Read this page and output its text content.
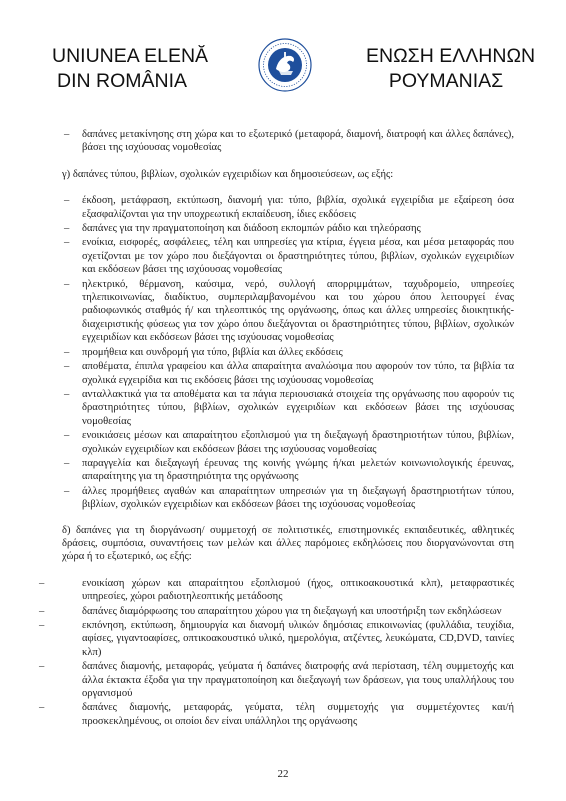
UNIUNEA ELENĂ
DIN ROMÂNIA
ΕΝΩΣΗ ΕΛΛΗΝΩΝ
ΡΟΥΜΑΝΙΑΣ
– δαπάνες μετακίνησης στη χώρα και το εξωτερικό (μεταφορά, διαμονή, διατροφή και άλλες δαπάνες), βάσει της ισχύουσας νομοθεσίας

γ) δαπάνες τύπου, βιβλίων, σχολικών εγχειριδίων και δημοσιεύσεων, ως εξής:

– έκδοση, μετάφραση, εκτύπωση, διανομή για: τύπο, βιβλία, σχολικά εγχειρίδια με εξαίρεση όσα εξασφαλίζονται για την υποχρεωτική εκπαίδευση, ίδιες εκδόσεις
– δαπάνες για την πραγματοποίηση και διάδοση εκπομπών ράδιο και τηλεόρασης
– ενοίκια, εισφορές, ασφάλειες, τέλη και υπηρεσίες για κτίρια, έγγεια μέσα, και μέσα μεταφοράς που σχετίζονται με τον χώρο που διεξάγονται οι δραστηριότητες τύπου, βιβλίων, σχολικών εγχειριδίων και εκδόσεων βάσει της ισχύουσας νομοθεσίας
– ηλεκτρικό, θέρμανση, καύσιμα, νερό, συλλογή απορριμμάτων, ταχυδρομείο, υπηρεσίες τηλεπικοινωνίας, διαδίκτυο, συμπεριλαμβανομένου και του χώρου όπου λειτουργεί ένας ραδιοφωνικός σταθμός ή/ και τηλεοπτικός της οργάνωσης, όπως και άλλες υπηρεσίες διοικητικής- διαχειριστικής φύσεως για τον χώρο όπου διεξάγονται οι δραστηριότητες τύπου, βιβλίων, σχολικών εγχειριδίων και εκδόσεων βάσει της ισχύουσας νομοθεσίας
– προμήθεια και συνδρομή για τύπο, βιβλία και άλλες εκδόσεις
– αποθέματα, έπιπλα γραφείου και άλλα απαραίτητα αναλώσιμα που αφορούν τον τύπο, τα βιβλία τα σχολικά εγχειρίδια και τις εκδόσεις βάσει της ισχύουσας νομοθεσίας
– ανταλλακτικά για τα αποθέματα και τα πάγια περιουσιακά στοιχεία της οργάνωσης που αφορούν τις δραστηριότητες τύπου, βιβλίων, σχολικών εγχειριδίων και εκδόσεων βάσει της ισχύουσας νομοθεσίας
– ενοικιάσεις μέσων και απαραίτητου εξοπλισμού για τη διεξαγωγή δραστηριοτήτων τύπου, βιβλίων, σχολικών εγχειριδίων και εκδόσεων βάσει της ισχύουσας νομοθεσίας
– παραγγελία και διεξαγωγή έρευνας της κοινής γνώμης ή/και μελετών κοινωνιολογικής έρευνας, απαραίτητης για τη δραστηριότητα της οργάνωσης
– άλλες προμήθειες αγαθών και απαραίτητων υπηρεσιών για τη διεξαγωγή δραστηριοτήτων τύπου, βιβλίων, σχολικών εγχειριδίων και εκδόσεων βάσει της ισχύουσας νομοθεσίας

δ) δαπάνες για τη διοργάνωση/ συμμετοχή σε πολιτιστικές, επιστημονικές εκπαιδευτικές, αθλητικές δράσεις, συμπόσια, συναντήσεις των μελών και άλλες παρόμοιες εκδηλώσεις που διοργανώνονται στη χώρα ή το εξωτερικό, ως εξής:

–	ενοικίαση χώρων και απαραίτητου εξοπλισμού (ήχος, οπτικοακουστικά κλπ), μεταφραστικές υπηρεσίες, χώροι ραδιοτηλεοπτικής μετάδοσης
–	δαπάνες διαμόρφωσης του απαραίτητου χώρου για τη διεξαγωγή και υποστήριξη των εκδηλώσεων
–	εκπόνηση, εκτύπωση, δημιουργία και διανομή υλικών δημόσιας επικοινωνίας (φυλλάδια, τευχίδια, αφίσες, γιγαντοαφίσες, οπτικοακουστικό υλικό, ημερολόγια, ατζέντες, λευκώματα, CD,DVD, ταινίες κλπ)
–	δαπάνες διαμονής, μεταφοράς, γεύματα ή δαπάνες διατροφής ανά περίσταση, τέλη συμμετοχής και άλλα έκτακτα έξοδα για την πραγματοποίηση και διεξαγωγή των δράσεων, για τους υπαλλήλους του οργανισμού
–	δαπάνες διαμονής, μεταφοράς, γεύματα, τέλη συμμετοχής για συμμετέχοντες και/ή προσκεκλημένους, οι οποίοι δεν είναι υπάλληλοι της οργάνωσης
22
